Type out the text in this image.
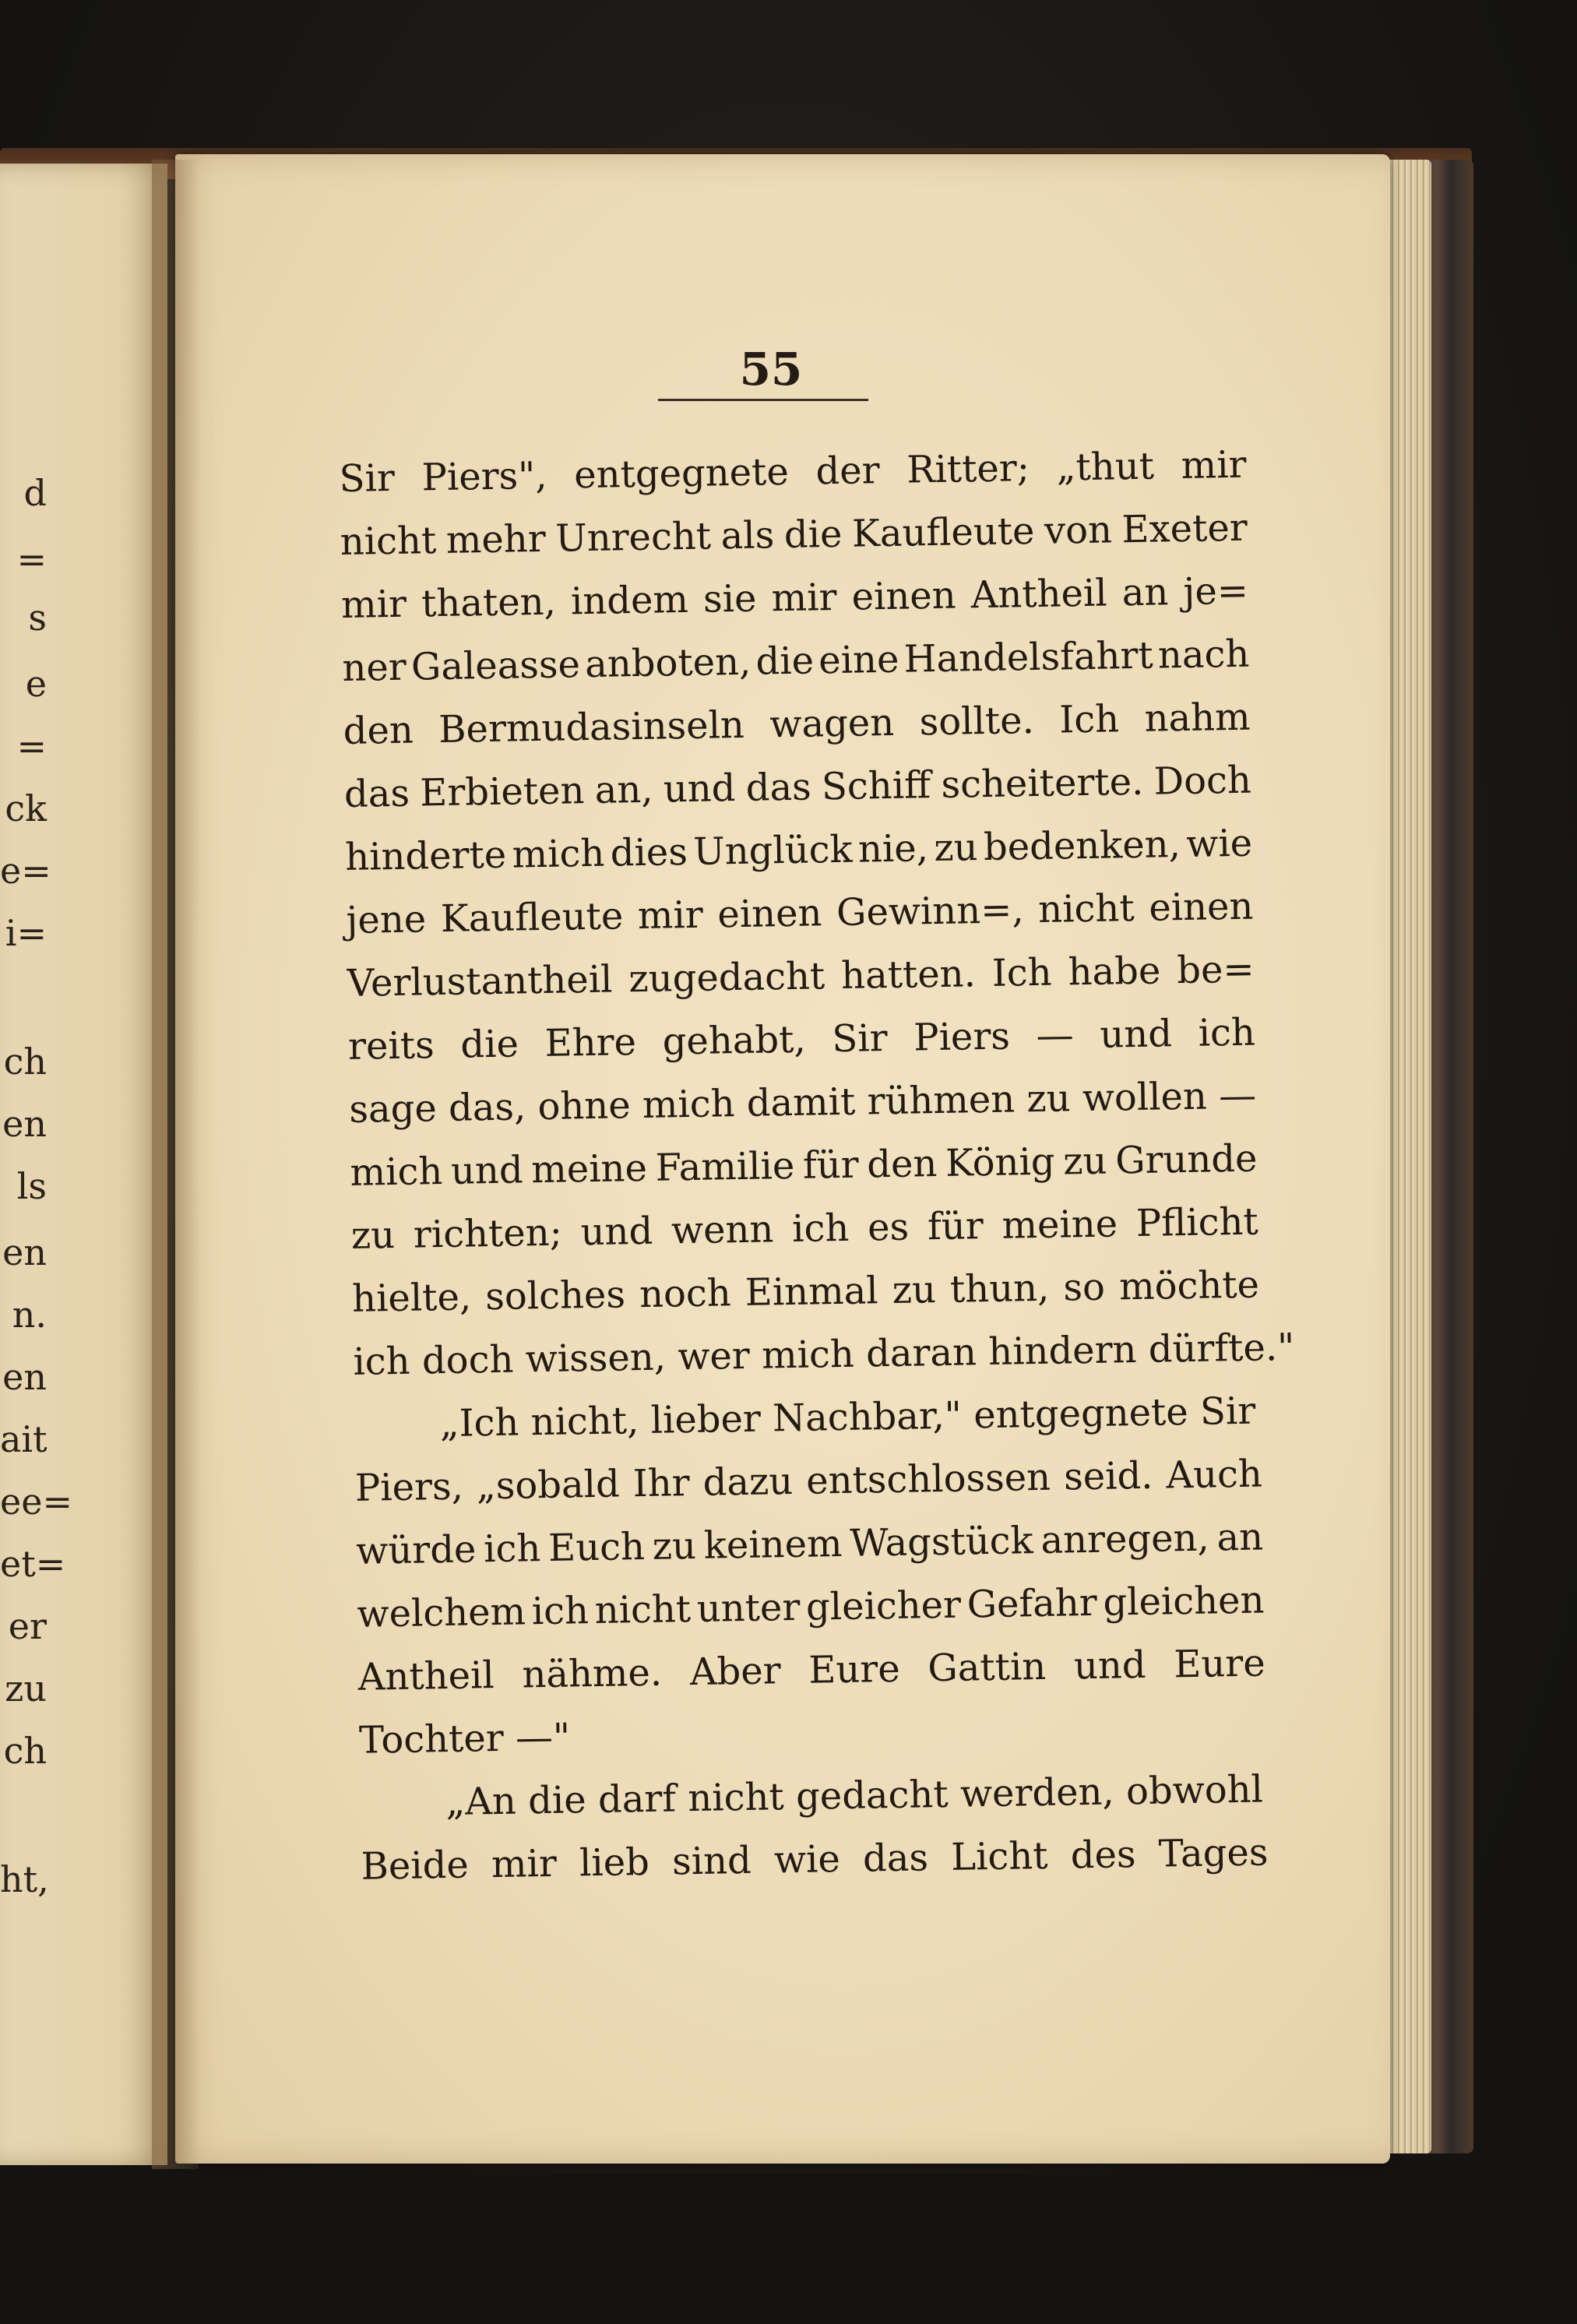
d
=
s
e
=
ck
e=
i=
ch
en
ls
en
n.
en
ait
ee=
et=
er
zu
ch
ht,
55
Sir Piers", entgegnete der Ritter; „thut mir
nicht mehr Unrecht als die Kaufleute von Exeter
mir thaten, indem sie mir einen Antheil an je=
ner Galeasse anboten, die eine Handelsfahrt nach
den Bermudasinseln wagen sollte. Ich nahm
das Erbieten an, und das Schiff scheiterte. Doch
hinderte mich dies Unglück nie, zu bedenken, wie
jene Kaufleute mir einen Gewinn=, nicht einen
Verlustantheil zugedacht hatten. Ich habe be=
reits die Ehre gehabt, Sir Piers — und ich
sage das, ohne mich damit rühmen zu wollen —
mich und meine Familie für den König zu Grunde
zu richten; und wenn ich es für meine Pflicht
hielte, solches noch Einmal zu thun, so möchte
ich doch wissen, wer mich daran hindern dürfte."
„Ich nicht, lieber Nachbar," entgegnete Sir
Piers, „sobald Ihr dazu entschlossen seid. Auch
würde ich Euch zu keinem Wagstück anregen, an
welchem ich nicht unter gleicher Gefahr gleichen
Antheil nähme. Aber Eure Gattin und Eure
Tochter —"
„An die darf nicht gedacht werden, obwohl
Beide mir lieb sind wie das Licht des Tages
